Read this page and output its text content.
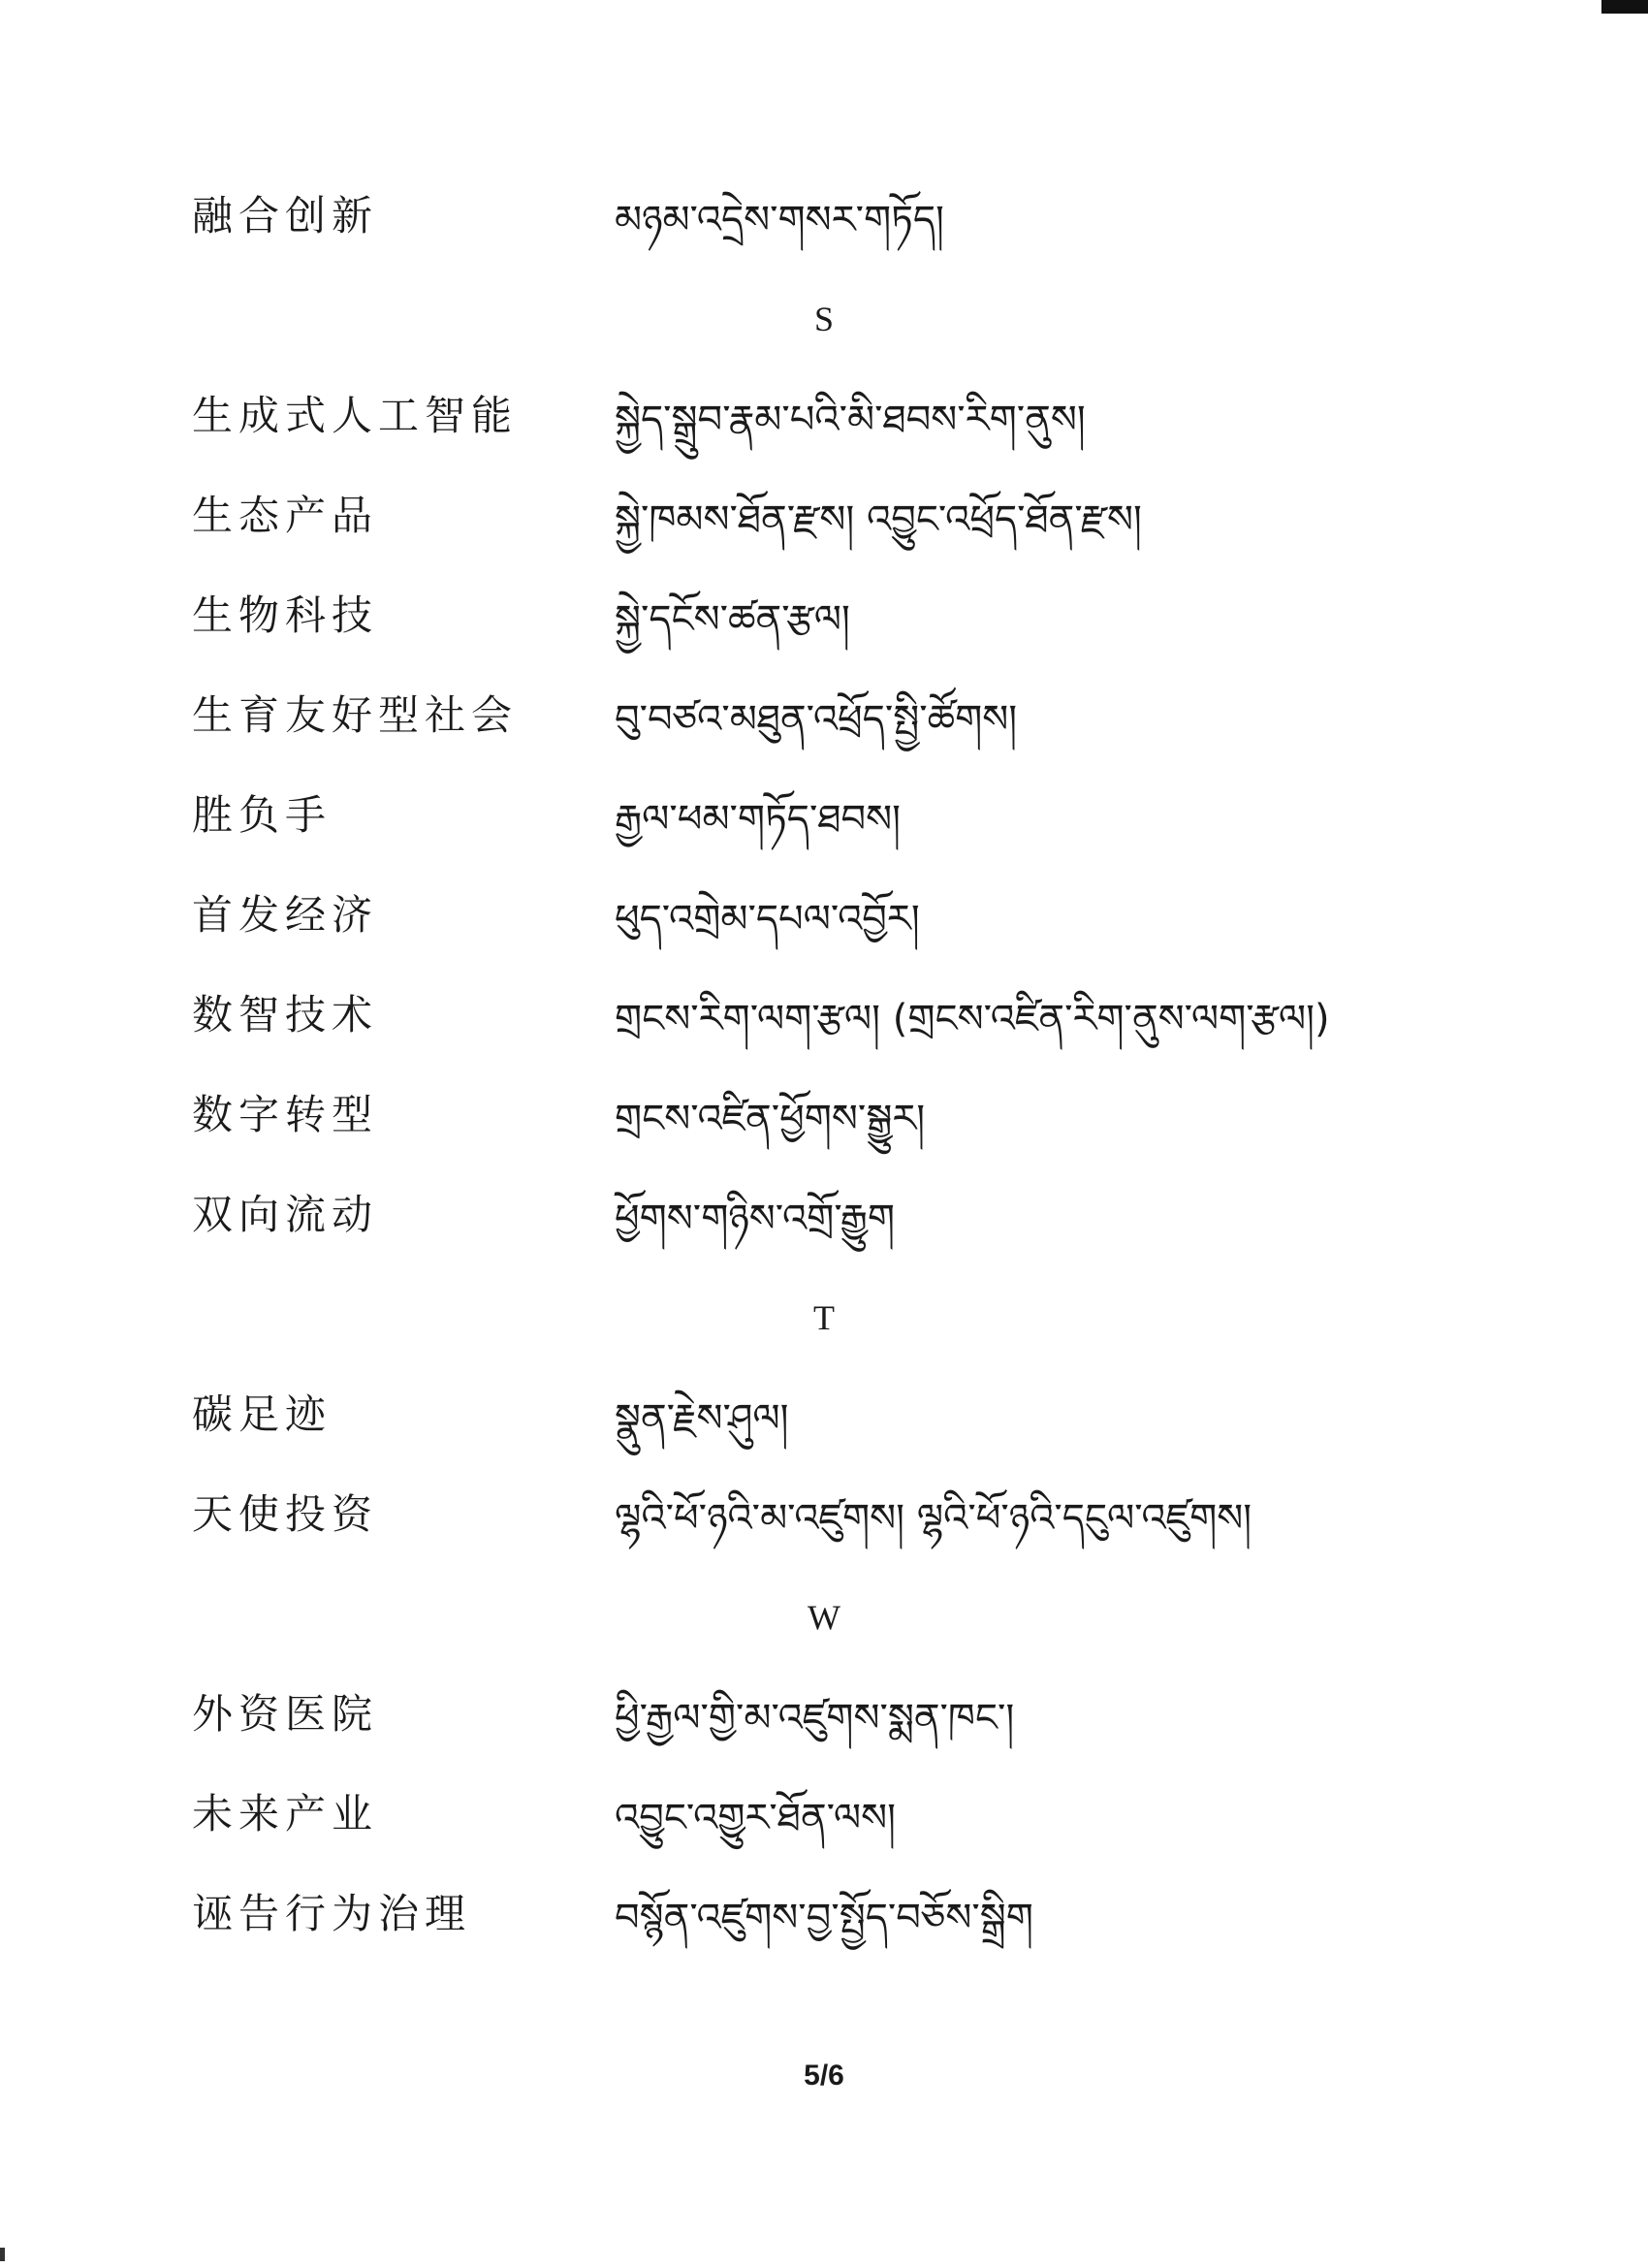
融合创新	མཉམ་འདྲེས་གསར་གཏོད།
S
生成式人工智能 སྐྱེད་སྒྲུབ་རྣམ་པའི་མི་ཐབས་རིག་ནུས།
生态产品	སྐྱེ་ཁམས་ཐོན་རྫས། འབྱུང་འཕྲོད་ཐོན་རྫས།
生物科技	སྐྱེ་དངོས་ཚན་རྩལ།
生育友好型社会 བུ་བཙའ་མཐུན་འཕྲོད་སྤྱི་ཚོགས།
胜负手	རྒྱལ་ཕམ་གཏོད་ཐབས།
首发经济	ཕུད་འགྲེམ་དཔལ་འབྱོར།
数智技术	གྲངས་རིག་ལག་རྩལ། (གྲངས་འཛིན་རིག་ནུས་ལག་རྩལ།)
数字转型	གྲངས་འཛིན་ཕྱོགས་སྒྱུར།
双向流动	ཕྱོགས་གཉིས་འགྲོ་རྒྱུག
T
碳足迹	སྣུན་རྗེས་ཤུལ།
天使投资	ལྷའི་ཕོ་ཉའི་མ་འཛུགས། ལྷའི་ཕོ་ཉའི་དངུལ་འཛུགས།
W
外资医院	ཕྱི་རྒྱལ་གྱི་མ་འཛུགས་སྨན་ཁང་།
未来产业	འབྱུང་འགྱུར་ཐོན་ལས།
诬告行为治理	བསྙོན་འཛུགས་བྱ་སྤྱོད་བཅོས་སྒྲིག
5/6
